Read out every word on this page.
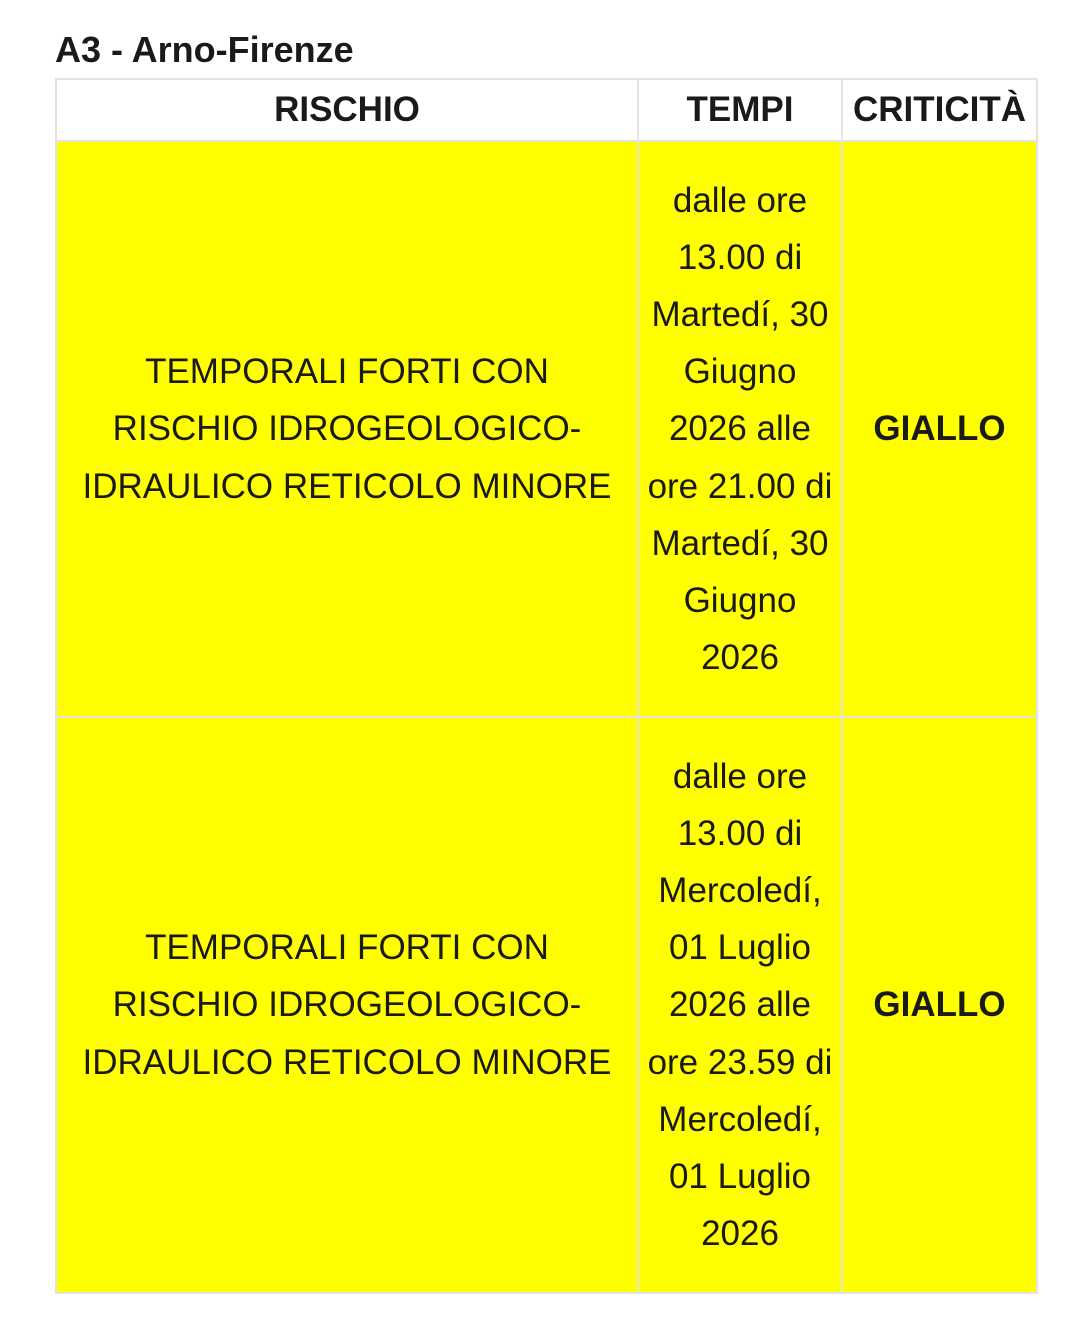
A3 - Arno-Firenze
RISCHIO	TEMPI	CRITICITÀ

TEMPORALI FORTI CON
RISCHIO IDROGEOLOGICO-
IDRAULICO RETICOLO MINORE	dalle ore 13.00 di Martedí, 30 Giugno 2026 alle ore 21.00 di Martedí, 30 Giugno 2026	GIALLO

TEMPORALI FORTI CON
RISCHIO IDROGEOLOGICO-
IDRAULICO RETICOLO MINORE	dalle ore 13.00 di Mercoledí, 01 Luglio 2026 alle ore 23.59 di Mercoledí, 01 Luglio 2026	GIALLO
